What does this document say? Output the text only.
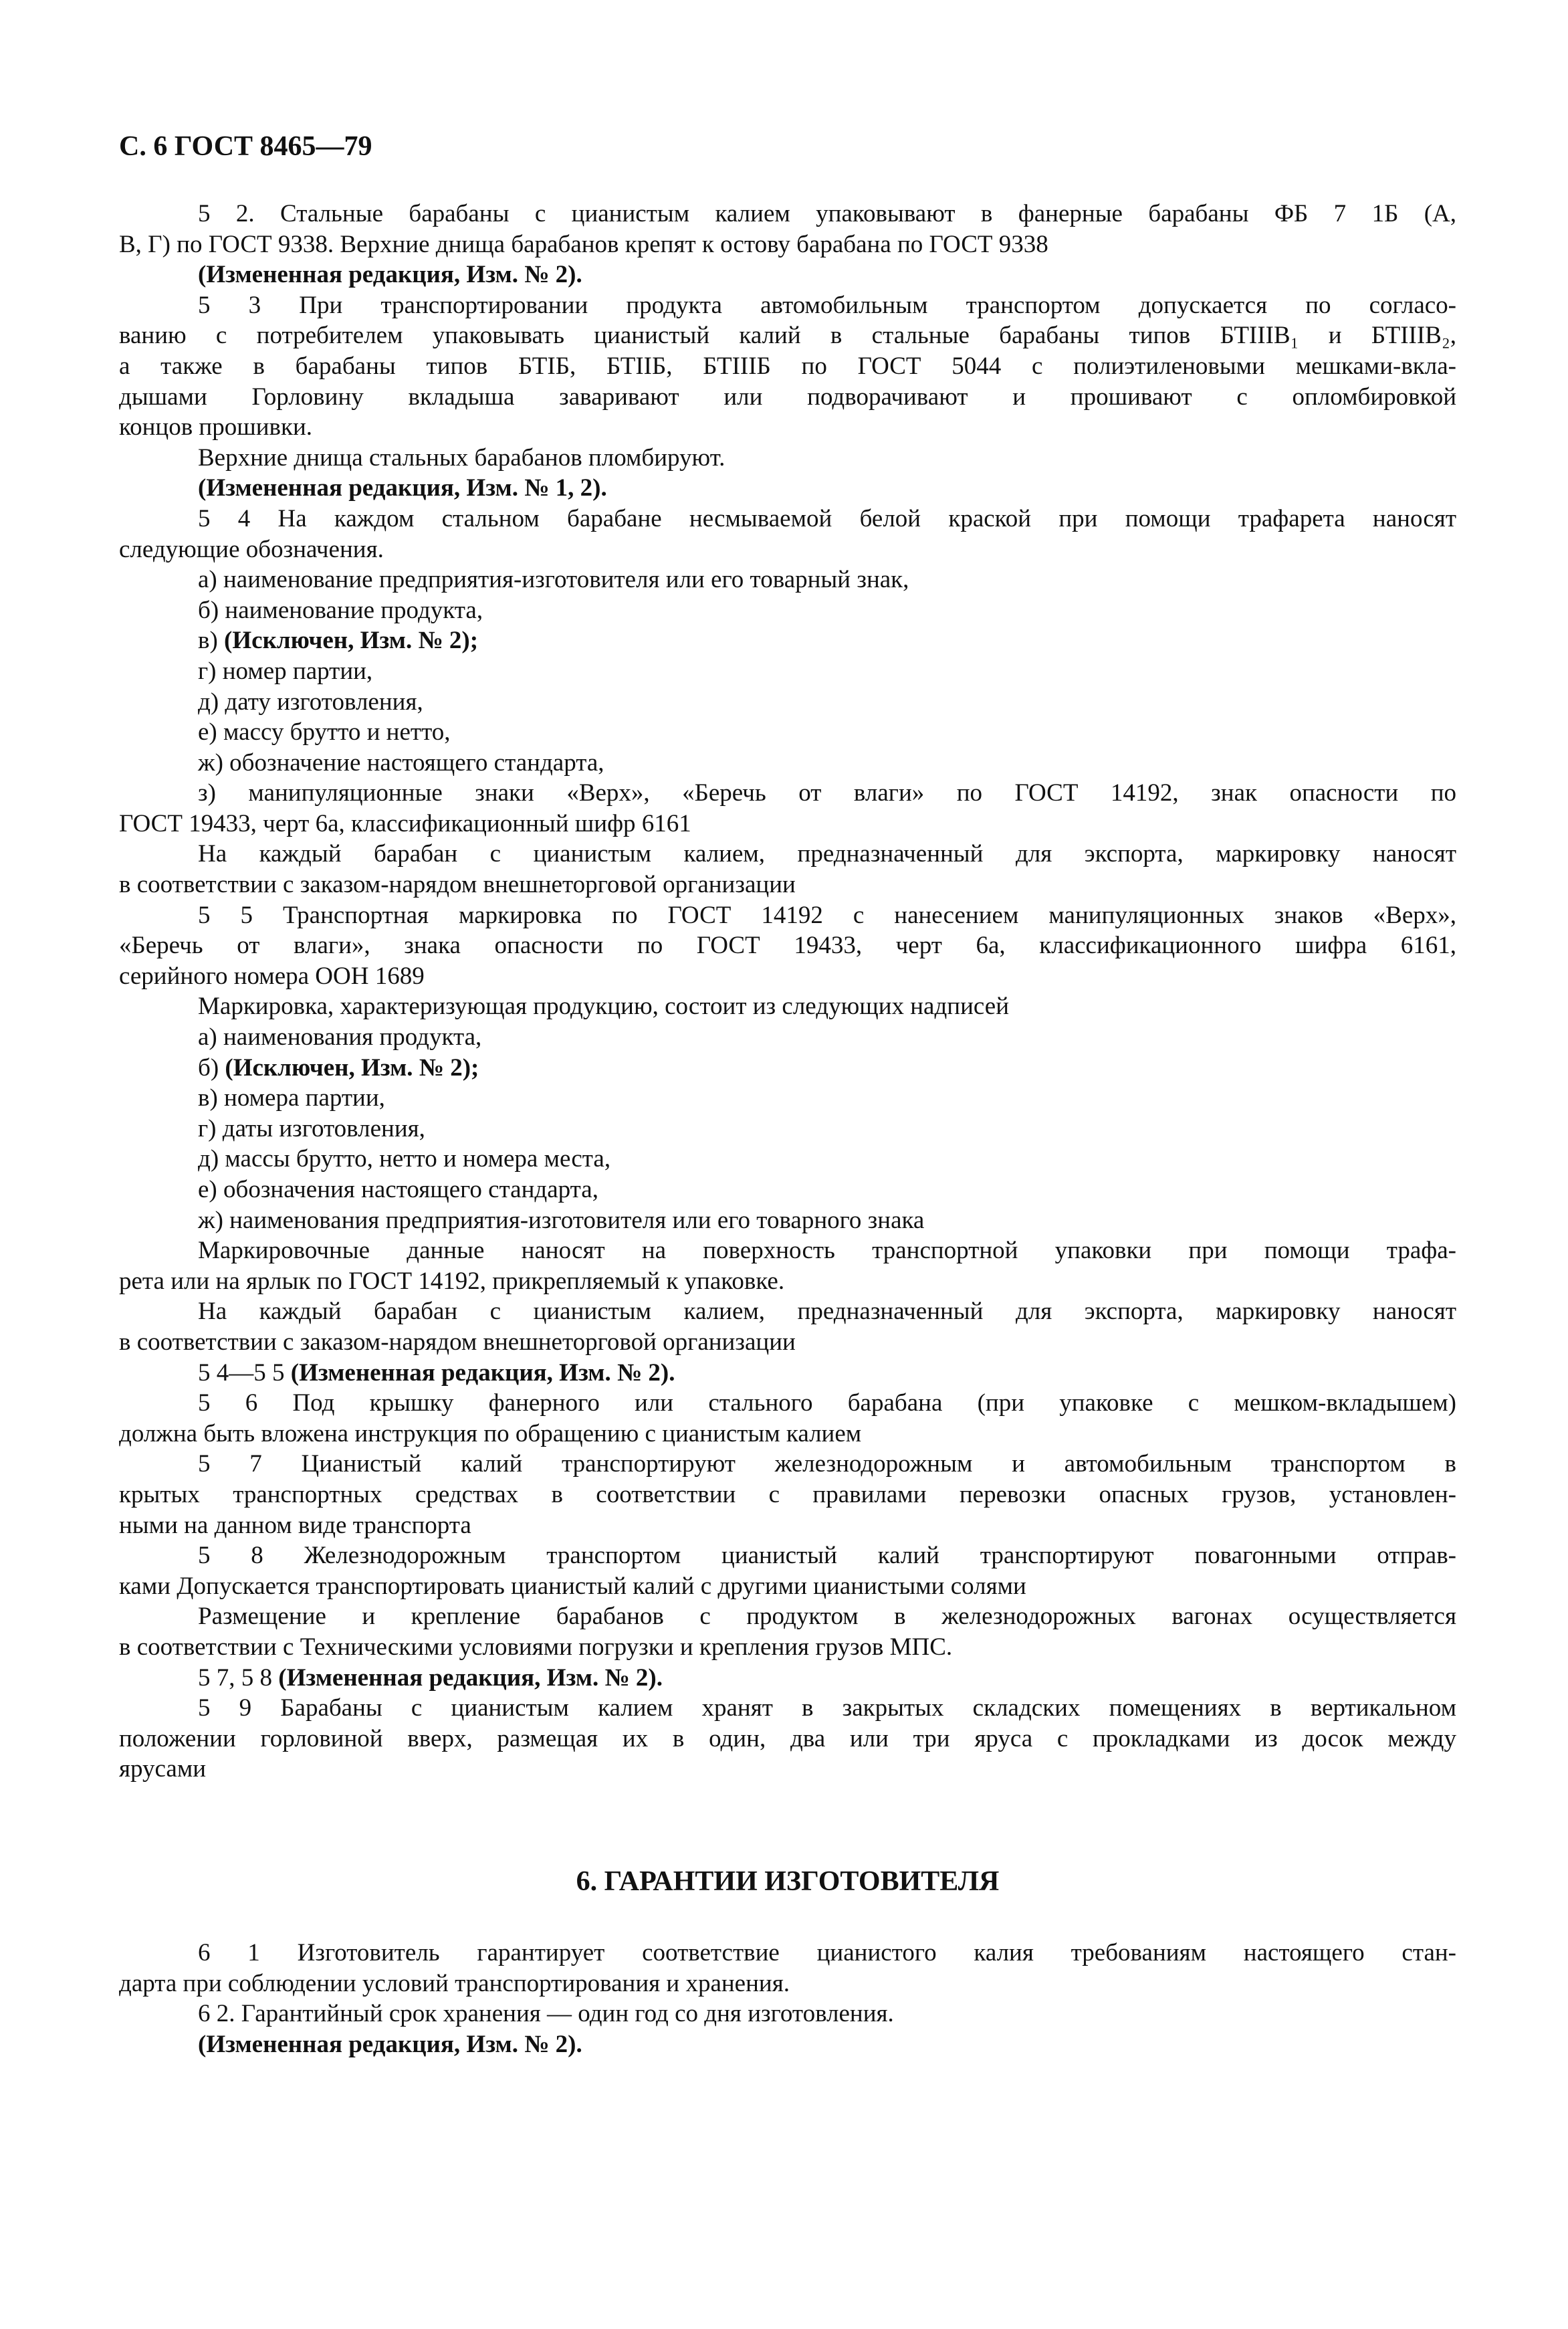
С. 6 ГОСТ 8465—79

5 2. Стальные барабаны с цианистым калием упаковывают в фанерные барабаны ФБ 7 1Б (А,

В, Г) по ГОСТ 9338. Верхние днища барабанов крепят к остову барабана по ГОСТ 9338

(Измененная редакция, Изм. № 2).

5 3 При транспортировании продукта автомобильным транспортом допускается по согласо-

ванию с потребителем упаковывать цианистый калий в стальные барабаны типов БТIIIВ₁ и БТIIIВ₂,

а также в барабаны типов БТIБ, БТIIБ, БТIIIБ по ГОСТ 5044 с полиэтиленовыми мешками-вкла-

дышами Горловину вкладыша заваривают или подворачивают и прошивают с опломбировкой

концов прошивки.

Верхние днища стальных барабанов пломбируют.

(Измененная редакция, Изм. № 1, 2).

5 4 На каждом стальном барабане несмываемой белой краской при помощи трафарета наносят

следующие обозначения.

а) наименование предприятия-изготовителя или его товарный знак,

б) наименование продукта,

в) (Исключен, Изм. № 2);

г) номер партии,

д) дату изготовления,

е) массу брутто и нетто,

ж) обозначение настоящего стандарта,

з) манипуляционные знаки «Верх», «Беречь от влаги» по ГОСТ 14192, знак опасности по

ГОСТ 19433, черт 6а, классификационный шифр 6161

На каждый барабан с цианистым калием, предназначенный для экспорта, маркировку наносят

в соответствии с заказом-нарядом внешнеторговой организации

5 5 Транспортная маркировка по ГОСТ 14192 с нанесением манипуляционных знаков «Верх»,

«Беречь от влаги», знака опасности по ГОСТ 19433, черт 6а, классификационного шифра 6161,

серийного номера ООН 1689

Маркировка, характеризующая продукцию, состоит из следующих надписей

а) наименования продукта,

б) (Исключен, Изм. № 2);

в) номера партии,

г) даты изготовления,

д) массы брутто, нетто и номера места,

е) обозначения настоящего стандарта,

ж) наименования предприятия-изготовителя или его товарного знака

Маркировочные данные наносят на поверхность транспортной упаковки при помощи трафа-

рета или на ярлык по ГОСТ 14192, прикрепляемый к упаковке.

На каждый барабан с цианистым калием, предназначенный для экспорта, маркировку наносят

в соответствии с заказом-нарядом внешнеторговой организации

5 4—5 5 (Измененная редакция, Изм. № 2).

5 6 Под крышку фанерного или стального барабана (при упаковке с мешком-вкладышем)

должна быть вложена инструкция по обращению с цианистым калием

5 7 Цианистый калий транспортируют железнодорожным и автомобильным транспортом в

крытых транспортных средствах в соответствии с правилами перевозки опасных грузов, установлен-

ными на данном виде транспорта

5 8 Железнодорожным транспортом цианистый калий транспортируют повагонными отправ-

ками Допускается транспортировать цианистый калий с другими цианистыми солями

Размещение и крепление барабанов с продуктом в железнодорожных вагонах осуществляется

в соответствии с Техническими условиями погрузки и крепления грузов МПС.

5 7, 5 8 (Измененная редакция, Изм. № 2).

5 9 Барабаны с цианистым калием хранят в закрытых складских помещениях в вертикальном

положении горловиной вверх, размещая их в один, два или три яруса с прокладками из досок между

ярусами

6. ГАРАНТИИ ИЗГОТОВИТЕЛЯ

6 1 Изготовитель гарантирует соответствие цианистого калия требованиям настоящего стан-

дарта при соблюдении условий транспортирования и хранения.

6 2. Гарантийный срок хранения — один год со дня изготовления.

(Измененная редакция, Изм. № 2).
